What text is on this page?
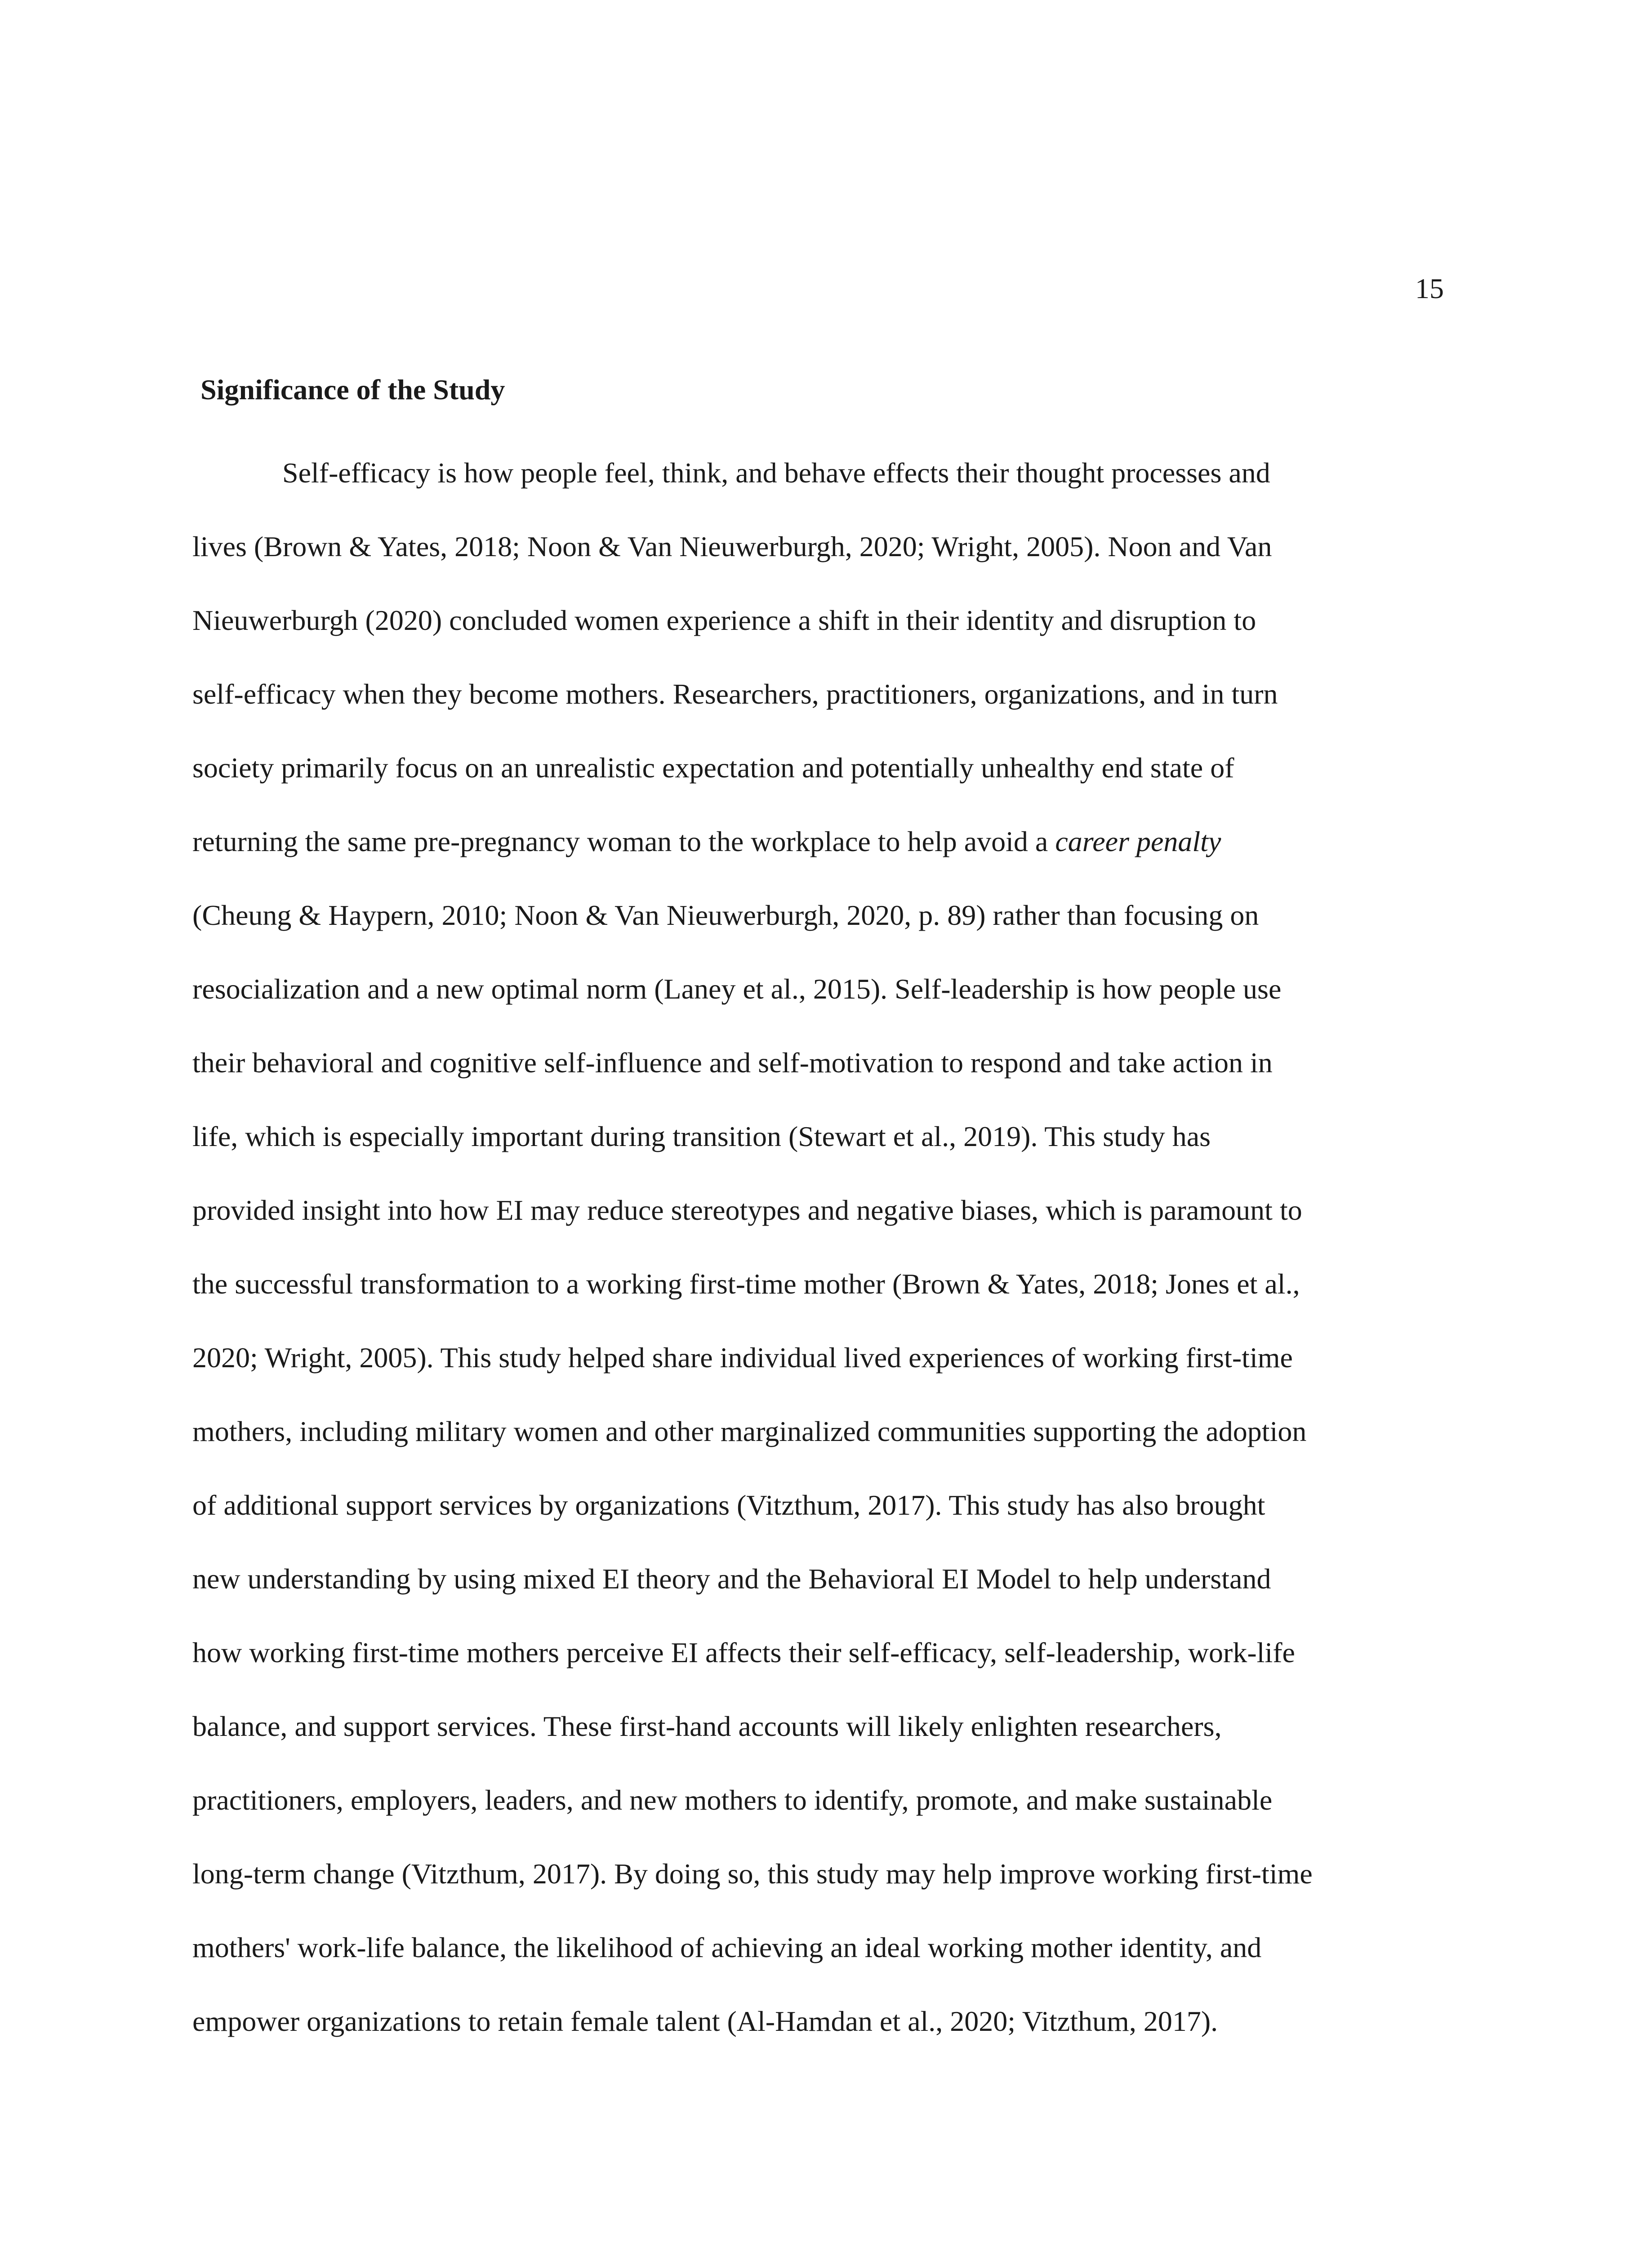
15
Significance of the Study
Self-efficacy is how people feel, think, and behave effects their thought processes and
lives (Brown & Yates, 2018; Noon & Van Nieuwerburgh, 2020; Wright, 2005). Noon and Van
Nieuwerburgh (2020) concluded women experience a shift in their identity and disruption to
self-efficacy when they become mothers. Researchers, practitioners, organizations, and in turn
society primarily focus on an unrealistic expectation and potentially unhealthy end state of
returning the same pre-pregnancy woman to the workplace to help avoid a career penalty
(Cheung & Haypern, 2010; Noon & Van Nieuwerburgh, 2020, p. 89) rather than focusing on
resocialization and a new optimal norm (Laney et al., 2015). Self-leadership is how people use
their behavioral and cognitive self-influence and self-motivation to respond and take action in
life, which is especially important during transition (Stewart et al., 2019). This study has
provided insight into how EI may reduce stereotypes and negative biases, which is paramount to
the successful transformation to a working first-time mother (Brown & Yates, 2018; Jones et al.,
2020; Wright, 2005). This study helped share individual lived experiences of working first-time
mothers, including military women and other marginalized communities supporting the adoption
of additional support services by organizations (Vitzthum, 2017). This study has also brought
new understanding by using mixed EI theory and the Behavioral EI Model to help understand
how working first-time mothers perceive EI affects their self-efficacy, self-leadership, work-life
balance, and support services. These first-hand accounts will likely enlighten researchers,
practitioners, employers, leaders, and new mothers to identify, promote, and make sustainable
long-term change (Vitzthum, 2017). By doing so, this study may help improve working first-time
mothers' work-life balance, the likelihood of achieving an ideal working mother identity, and
empower organizations to retain female talent (Al-Hamdan et al., 2020; Vitzthum, 2017).
